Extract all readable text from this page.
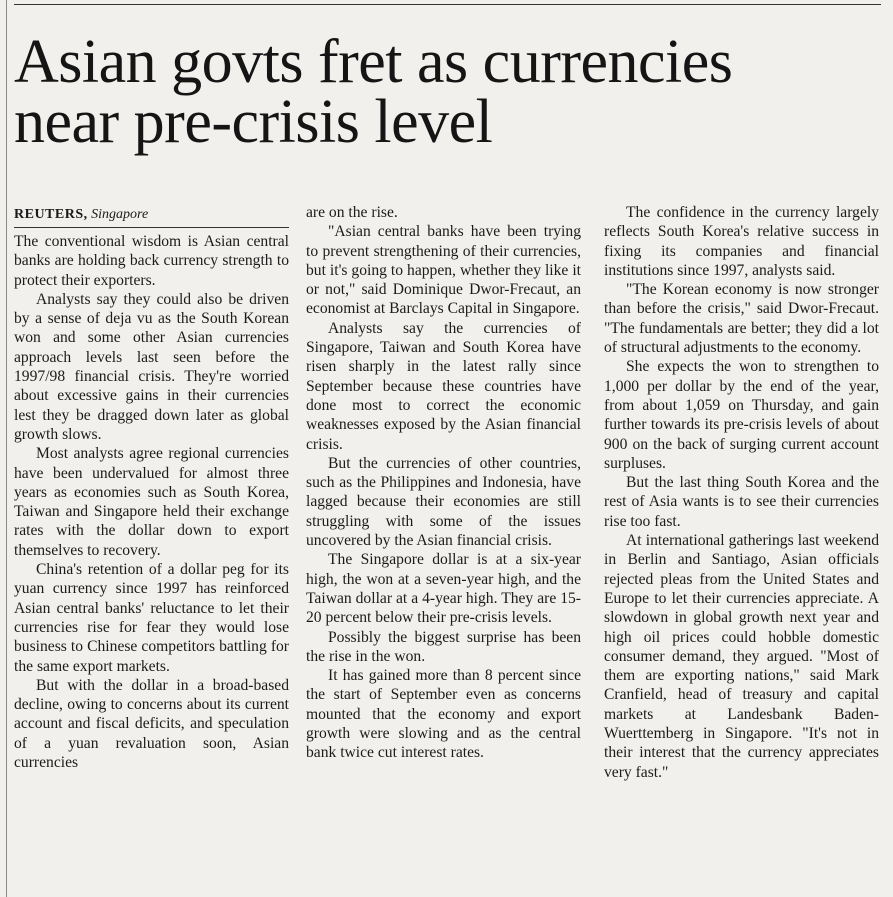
Asian govts fret as currencies
near pre-crisis level
REUTERS, Singapore

The conventional wisdom is Asian central banks are holding back currency strength to protect their exporters.

Analysts say they could also be driven by a sense of deja vu as the South Korean won and some other Asian currencies approach levels last seen before the 1997/98 financial crisis. They're worried about excessive gains in their currencies lest they be dragged down later as global growth slows.

Most analysts agree regional currencies have been undervalued for almost three years as economies such as South Korea, Taiwan and Singapore held their exchange rates with the dollar down to export themselves to recovery.

China's retention of a dollar peg for its yuan currency since 1997 has reinforced Asian central banks' reluctance to let their currencies rise for fear they would lose business to Chinese competitors battling for the same export markets.

But with the dollar in a broad-based decline, owing to concerns about its current account and fiscal deficits, and speculation of a yuan revaluation soon, Asian currencies

are on the rise.

"Asian central banks have been trying to prevent strengthening of their currencies, but it's going to happen, whether they like it or not," said Dominique Dwor-Frecaut, an economist at Barclays Capital in Singapore.

Analysts say the currencies of Singapore, Taiwan and South Korea have risen sharply in the latest rally since September because these countries have done most to correct the economic weaknesses exposed by the Asian financial crisis.

But the currencies of other countries, such as the Philippines and Indonesia, have lagged because their economies are still struggling with some of the issues uncovered by the Asian financial crisis.

The Singapore dollar is at a six-year high, the won at a seven-year high, and the Taiwan dollar at a 4-year high. They are 15-20 percent below their pre-crisis levels.

Possibly the biggest surprise has been the rise in the won.

It has gained more than 8 percent since the start of September even as concerns mounted that the economy and export growth were slowing and as the central bank twice cut interest rates.

The confidence in the currency largely reflects South Korea's relative success in fixing its companies and financial institutions since 1997, analysts said.

"The Korean economy is now stronger than before the crisis," said Dwor-Frecaut. "The fundamentals are better; they did a lot of structural adjustments to the economy.

She expects the won to strengthen to 1,000 per dollar by the end of the year, from about 1,059 on Thursday, and gain further towards its pre-crisis levels of about 900 on the back of surging current account surpluses.

But the last thing South Korea and the rest of Asia wants is to see their currencies rise too fast.

At international gatherings last weekend in Berlin and Santiago, Asian officials rejected pleas from the United States and Europe to let their currencies appreciate. A slowdown in global growth next year and high oil prices could hobble domestic consumer demand, they argued. "Most of them are exporting nations," said Mark Cranfield, head of treasury and capital markets at Landesbank Baden-Wuerttemberg in Singapore. "It's not in their interest that the currency appreciates very fast."
